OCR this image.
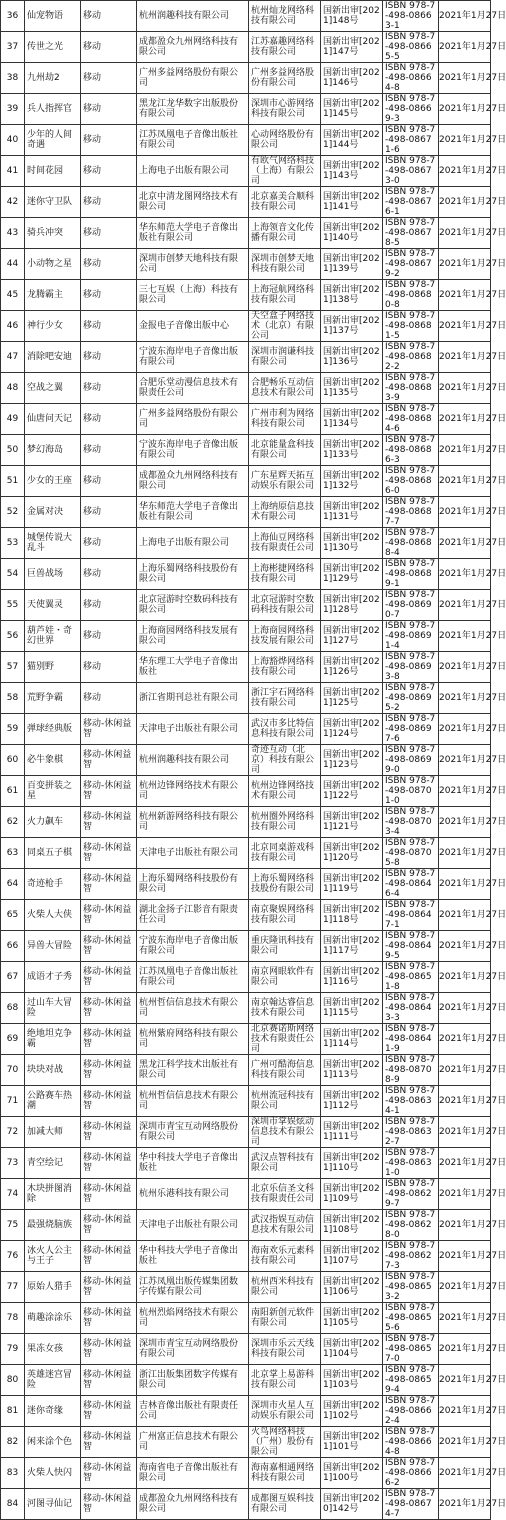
36	仙宠物语	移动	杭州润趣科技有限公司	杭州灿龙网络科技有限公司	国新出审[2021]148号	ISBN 978-7-498-08663-1	2021年1月27日
37	传世之光	移动	成都盈众九州网络科技有限公司	江苏嘉趣网络科技有限公司	国新出审[2021]147号	ISBN 978-7-498-08665-5	2021年1月27日
38	九州劫2	移动	广州多益网络股份有限公司	广州多益网络股份有限公司	国新出审[2021]146号	ISBN 978-7-498-08664-8	2021年1月27日
39	兵人指挥官	移动	黑龙江龙华数字出版股份有限公司	深圳市心游网络科技有限公司	国新出审[2021]145号	ISBN 978-7-498-08669-3	2021年1月27日
40	少年的人间奇遇	移动	江苏凤凰电子音像出版社有限公司	心动网络股份有限公司	国新出审[2021]144号	ISBN 978-7-498-08671-6	2021年1月27日
41	时间花园	移动	上海电子出版有限公司	有欧气网络科技（上海）有限公司	国新出审[2021]143号	ISBN 978-7-498-08673-0	2021年1月27日
42	迷你守卫队	移动	北京中清龙图网络技术有限公司	北京嘉美合顺科技有限公司	国新出审[2021]141号	ISBN 978-7-498-08676-1	2021年1月27日
43	骑兵冲突	移动	华东师范大学电子音像出版社有限公司	上海领音文化传播有限公司	国新出审[2021]140号	ISBN 978-7-498-08678-5	2021年1月27日
44	小动物之星	移动	深圳市创梦天地科技有限公司	深圳市创梦天地科技有限公司	国新出审[2021]139号	ISBN 978-7-498-08679-2	2021年1月27日
45	龙腾霸主	移动	三七互娱（上海）科技有限公司	上海冠航网络科技有限公司	国新出审[2021]138号	ISBN 978-7-498-08680-8	2021年1月27日
46	神行少女	移动	金报电子音像出版中心	天空盒子网络技术（北京）有限公司	国新出审[2021]137号	ISBN 978-7-498-08681-5	2021年1月27日
47	消除吧安迪	移动	宁波东海岸电子音像出版有限公司	深圳市润谦科技有限公司	国新出审[2021]136号	ISBN 978-7-498-08682-2	2021年1月27日
48	空战之翼	移动	合肥乐堂动漫信息技术有限责任公司	合肥畅乐互动信息技术有限公司	国新出审[2021]135号	ISBN 978-7-498-08683-9	2021年1月27日
49	仙唐问天记	移动	广州多益网络股份有限公司	广州市利为网络科技有限公司	国新出审[2021]134号	ISBN 978-7-498-08684-6	2021年1月27日
50	梦幻海岛	移动	宁波东海岸电子音像出版有限公司	北京能量盒科技有限公司	国新出审[2021]133号	ISBN 978-7-498-08686-3	2021年1月27日
51	少女的王座	移动	成都盈众九州网络科技有限公司	广东星辉天拓互动娱乐有限公司	国新出审[2021]132号	ISBN 978-7-498-08686-0	2021年1月27日
52	金属对决	移动	华东师范大学电子音像出版社有限公司	上海纳原信息技术有限公司	国新出审[2021]131号	ISBN 978-7-498-08687-7	2021年1月27日
53	城堡传说大乱斗	移动	上海电子出版有限公司	上海仙豆网络科技有限责任公司	国新出审[2021]130号	ISBN 978-7-498-08688-4	2021年1月27日
54	巨兽战场	移动	上海乐蜀网络科技股份有限公司	上海彬捷网络科技有限公司	国新出审[2021]129号	ISBN 978-7-498-08689-1	2021年1月27日
55	天使翼灵	移动	北京冠游时空数码科技有限公司	北京冠游时空数码科技有限公司	国新出审[2021]128号	ISBN 978-7-498-08690-7	2021年1月27日
56	葫芦娃・奇幻世界	移动	上海商园网络科技发展有限公司	上海商园网络科技发展有限公司	国新出审[2021]127号	ISBN 978-7-498-08691-4	2021年1月27日
57	猫别野	移动	华东理工大学电子音像出版社	上海豁烨网络科技有限公司	国新出审[2021]126号	ISBN 978-7-498-08693-8	2021年1月27日
58	荒野争霸	移动	浙江省期刊总社有限公司	浙江宇石网络科技有限公司	国新出审[2021]125号	ISBN 978-7-498-08695-2	2021年1月27日
59	弹球经典版	移动-休闲益智	天津电子出版社有限公司	武汉市多比特信息科技有限公司	国新出审[2021]124号	ISBN 978-7-498-08697-6	2021年1月27日
60	必牛象棋	移动-休闲益智	杭州润趣科技有限公司	奇迹互动（北京）科技有限公司	国新出审[2021]123号	ISBN 978-7-498-08699-0	2021年1月27日
61	百变拼装之星	移动-休闲益智	杭州边锋网络技术有限公司	杭州边锋网络技术有限公司	国新出审[2021]122号	ISBN 978-7-498-08701-0	2021年1月27日
62	火力飙车	移动-休闲益智	杭州新游网络科技有限公司	杭州圈外网络科技有限公司	国新出审[2021]121号	ISBN 978-7-498-08703-4	2021年1月27日
63	同桌五子棋	移动-休闲益智	天津电子出版社有限公司	北京同桌游戏科技有限公司	国新出审[2021]120号	ISBN 978-7-498-08705-8	2021年1月27日
64	奇迹枪手	移动-休闲益智	上海乐蜀网络科技股份有限公司	上海乐蜀网络科技股份有限公司	国新出审[2021]119号	ISBN 978-7-498-08646-4	2021年1月27日
65	火柴人大侠	移动-休闲益智	湖北金扬子江影音有限责任公司	南京聚娱网络科技有限公司	国新出审[2021]118号	ISBN 978-7-498-08647-1	2021年1月27日
66	异兽大冒险	移动-休闲益智	宁波东海岸电子音像出版有限公司	重庆隆讯科技有限公司	国新出审[2021]117号	ISBN 978-7-498-08649-5	2021年1月27日
67	成语才子秀	移动-休闲益智	江苏凤凰电子音像出版社有限公司	南京网眼软件有限公司	国新出审[2021]116号	ISBN 978-7-498-08651-8	2021年1月27日
68	过山车大冒险	移动-休闲益智	杭州哲信信息技术有限公司	南京翰达睿信息技术有限公司	国新出审[2021]115号	ISBN 978-7-498-08643-3	2021年1月27日
69	绝地坦克争霸	移动-休闲益智	杭州紫府网络科技有限公司	北京赛诺斯网络技术有限责任公司	国新出审[2021]114号	ISBN 978-7-498-08641-9	2021年1月27日
70	块块对战	移动-休闲益智	黑龙江科学技术出版社有限公司	广州可酷海信息科技有限公司	国新出审[2021]113号	ISBN 978-7-498-08708-9	2021年1月27日
71	公路赛车热潮	移动-休闲益智	杭州哲信信息技术有限公司	杭州流冠科技有限公司	国新出审[2021]112号	ISBN 978-7-498-08634-1	2021年1月27日
72	加减大师	移动-休闲益智	深圳市青宝互动网络股份有限公司	深圳市掌娱炫动信息技术有限公司	国新出审[2021]111号	ISBN 978-7-498-08632-7	2021年1月27日
73	青空绘记	移动-休闲益智	华中科技大学电子音像出版社	武汉点智科技有限公司	国新出审[2021]110号	ISBN 978-7-498-08631-0	2021年1月27日
74	木块拼图消除	移动-休闲益智	杭州乐港科技有限公司	北京乐信圣文科技有限责任公司	国新出审[2021]109号	ISBN 978-7-498-08629-7	2021年1月27日
75	最强烧脑族	移动-休闲益智	天津电子出版社有限公司	武汉指娱互动信息技术有限公司	国新出审[2021]108号	ISBN 978-7-498-08628-0	2021年1月27日
76	冰火人公主与王子	移动-休闲益智	华中科技大学电子音像出版社	海南欢乐元素科技有限公司	国新出审[2021]107号	ISBN 978-7-498-08627-3	2021年1月27日
77	原始人猎手	移动-休闲益智	江苏凤凰出版传媒集团数字传媒有限公司	杭州西米科技有限公司	国新出审[2021]106号	ISBN 978-7-498-08653-2	2021年1月27日
78	萌趣涂涂乐	移动-休闲益智	杭州烈焰网络技术有限公司	南阳新创元软件有限公司	国新出审[2021]105号	ISBN 978-7-498-08655-6	2021年1月27日
79	果冻女孩	移动-休闲益智	深圳市青宝互动网络股份有限公司	深圳市乐云天线科技有限公司	国新出审[2021]104号	ISBN 978-7-498-08657-0	2021年1月27日
80	英雄迷宫冒险	移动-休闲益智	浙江出版集团数字传媒有限公司	北京掌上易游科技有限公司	国新出审[2021]103号	ISBN 978-7-498-08659-4	2021年1月27日
81	迷你奇缘	移动-休闲益智	吉林音像出版社有限责任公司	深圳市火星人互动娱乐有限公司	国新出审[2021]102号	ISBN 978-7-498-08662-4	2021年1月27日
82	闲来涂个色	移动-休闲益智	广州富正信息技术有限公司	火鸟网络科技（广州）股份有限公司	国新出审[2021]101号	ISBN 978-7-498-08664-8	2021年1月27日
83	火柴人快闪	移动-休闲益智	海南省电子音像出版社有限公司	海南嘉相通网络科技有限公司	国新出审[2021]100号	ISBN 978-7-498-08666-2	2021年1月27日
84	河图寻仙记	移动-休闲益智	成都盈众九州网络科技有限公司	成都图互娱科技有限公司	国新出审[2020]142号	ISBN 978-7-498-08674-7	2021年1月27日
